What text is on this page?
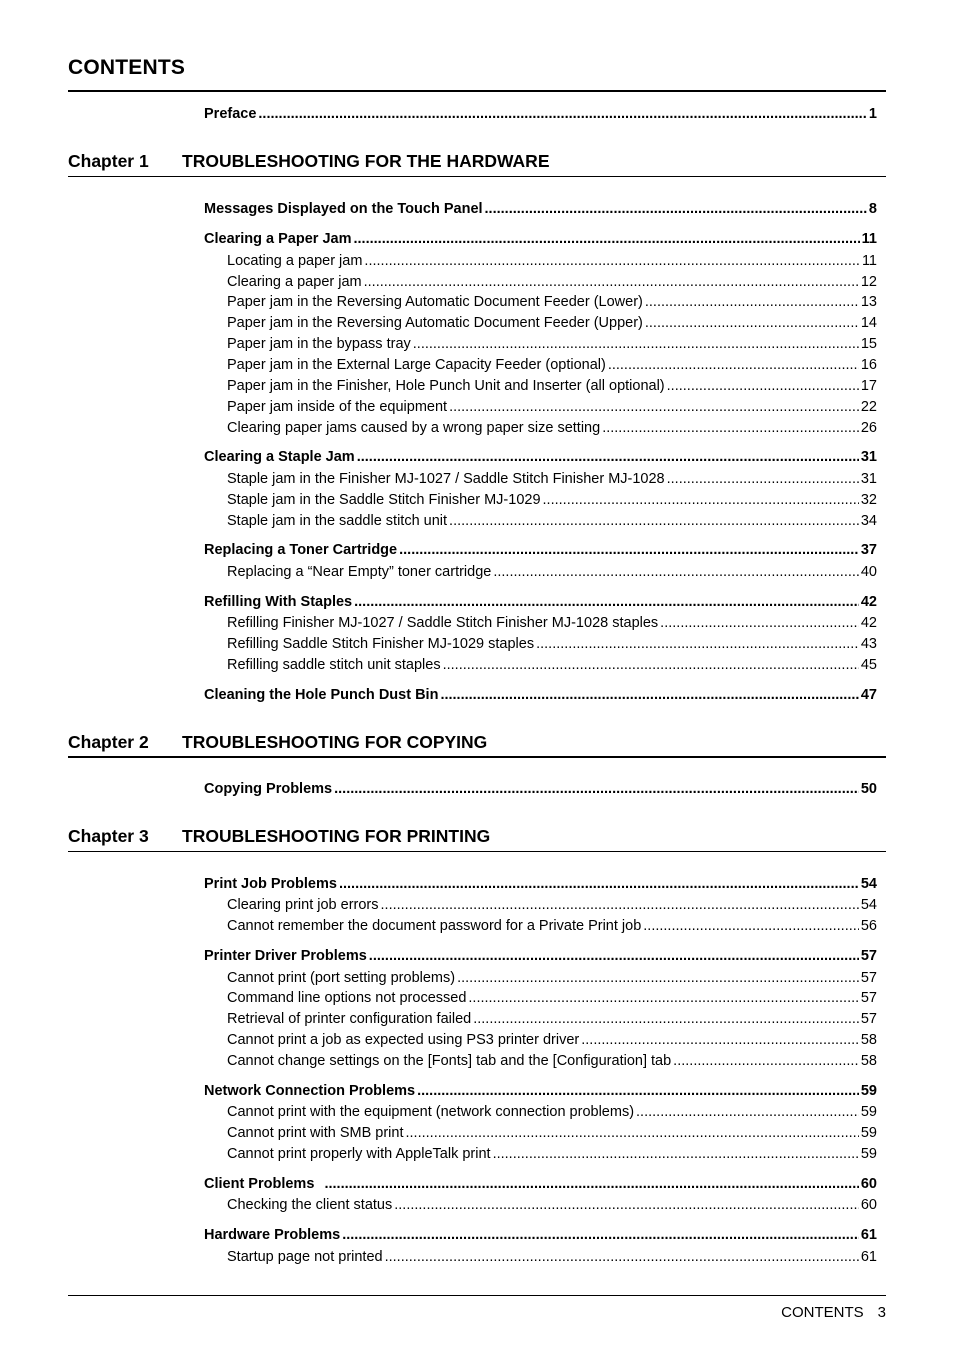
CONTENTS
Preface .....	1
Chapter 1 TROUBLESHOOTING FOR THE HARDWARE
Messages Displayed on the Touch Panel .....	8
Clearing a Paper Jam .....	11
Locating a paper jam .....	11
Clearing a paper jam .....	12
Paper jam in the Reversing Automatic Document Feeder (Lower) .....	13
Paper jam in the Reversing Automatic Document Feeder (Upper) .....	14
Paper jam in the bypass tray .....	15
Paper jam in the External Large Capacity Feeder (optional) .....	16
Paper jam in the Finisher, Hole Punch Unit and Inserter (all optional) .....	17
Paper jam inside of the equipment .....	22
Clearing paper jams caused by a wrong paper size setting .....	26
Clearing a Staple Jam .....	31
Staple jam in the Finisher MJ-1027 / Saddle Stitch Finisher MJ-1028 .....	31
Staple jam in the Saddle Stitch Finisher MJ-1029 .....	32
Staple jam in the saddle stitch unit .....	34
Replacing a Toner Cartridge .....	37
Replacing a “Near Empty” toner cartridge .....	40
Refilling With Staples .....	42
Refilling Finisher MJ-1027 / Saddle Stitch Finisher MJ-1028 staples .....	42
Refilling Saddle Stitch Finisher MJ-1029 staples .....	43
Refilling saddle stitch unit staples .....	45
Cleaning the Hole Punch Dust Bin .....	47
Chapter 2 TROUBLESHOOTING FOR COPYING
Copying Problems .....	50
Chapter 3 TROUBLESHOOTING FOR PRINTING
Print Job Problems .....	54
Clearing print job errors .....	54
Cannot remember the document password for a Private Print job .....	56
Printer Driver Problems .....	57
Cannot print (port setting problems) .....	57
Command line options not processed .....	57
Retrieval of printer configuration failed .....	57
Cannot print a job as expected using PS3 printer driver .....	58
Cannot change settings on the [Fonts] tab and the [Configuration] tab .....	58
Network Connection Problems .....	59
Cannot print with the equipment (network connection problems) .....	59
Cannot print with SMB print .....	59
Cannot print properly with AppleTalk print .....	59
Client Problems .....	60
Checking the client status .....	60
Hardware Problems .....	61
Startup page not printed .....	61
CONTENTS 3
